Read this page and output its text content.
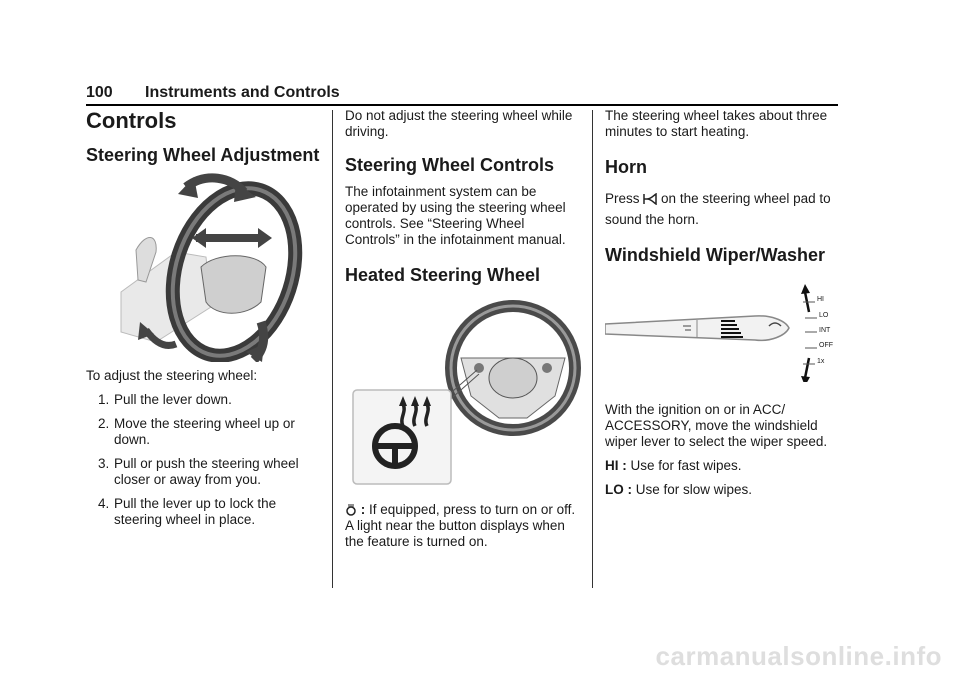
100 Instruments and Controls
Controls
Steering Wheel Adjustment

To adjust the steering wheel:

1. Pull the lever down.
2. Move the steering wheel up or down.
3. Pull or push the steering wheel closer or away from you.
4. Pull the lever up to lock the steering wheel in place.

Do not adjust the steering wheel while driving.

Steering Wheel Controls

The infotainment system can be operated by using the steering wheel controls. See “Steering Wheel Controls” in the infotainment manual.

Heated Steering Wheel

: If equipped, press to turn on or off. A light near the button displays when the feature is turned on.

The steering wheel takes about three minutes to start heating.

Horn

Press on the steering wheel pad to sound the horn.

Windshield Wiper/Washer
HI
LO
INT
OFF
1x

With the ignition on or in ACC/ ACCESSORY, move the windshield wiper lever to select the wiper speed.

HI : Use for fast wipes.

LO : Use for slow wipes.

carmanualsonline.info
